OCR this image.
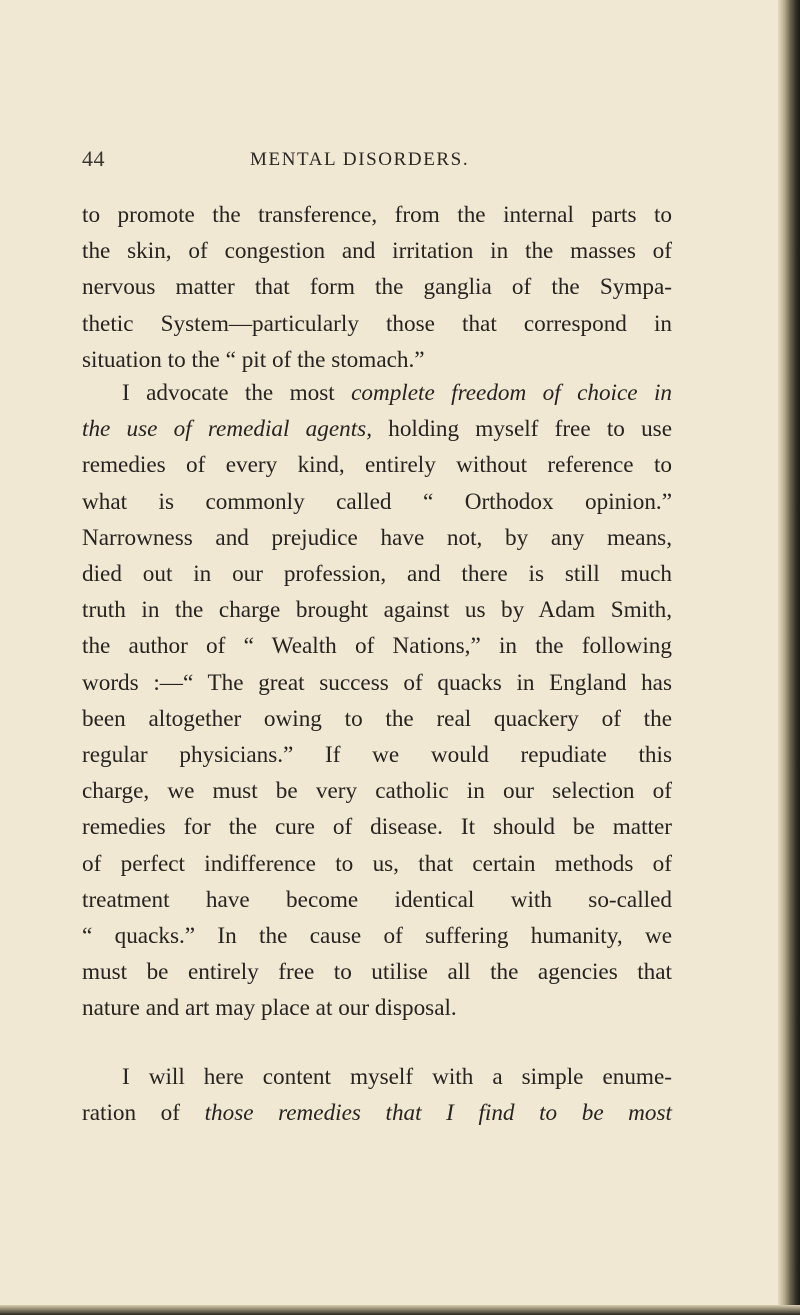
44	MENTAL DISORDERS.
to promote the transference, from the internal parts to
the skin, of congestion and irritation in the masses of
nervous matter that form the ganglia of the Sympa-
thetic System—particularly those that correspond in
situation to the “ pit of the stomach.”
I advocate the most complete freedom of choice in
the use of remedial agents, holding myself free to use
remedies of every kind, entirely without reference to
what is commonly called “ Orthodox opinion.”
Narrowness and prejudice have not, by any means,
died out in our profession, and there is still much
truth in the charge brought against us by Adam Smith,
the author of “ Wealth of Nations,” in the following
words :—“ The great success of quacks in England has
been altogether owing to the real quackery of the
regular physicians.” If we would repudiate this
charge, we must be very catholic in our selection of
remedies for the cure of disease. It should be matter
of perfect indifference to us, that certain methods of
treatment have become identical with so-called
“ quacks.” In the cause of suffering humanity, we
must be entirely free to utilise all the agencies that
nature and art may place at our disposal.
I will here content myself with a simple enume-
ration of those remedies that I find to be most
